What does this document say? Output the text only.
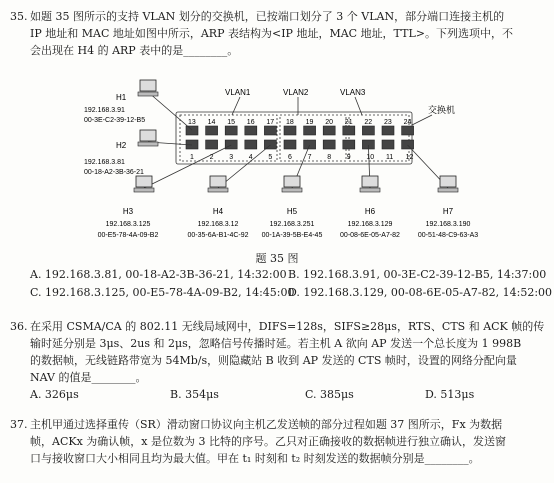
35. 如题 35 图所示的支持 VLAN 划分的交换机，已按端口划分了 3 个 VLAN，部分端口连接主机的

IP 地址和 MAC 地址如图中所示，ARP 表结构为<IP 地址，MAC 地址，TTL>。下列选项中，不

会出现在 H4 的 ARP 表中的是________。

13 14 15 16 17 18 19 20 21 22 23 24
1 2 3 4 5 6 7 8 9 10 11 12
H1
192.168.3.91
00-3E-C2-39-12-B5
H2
192.168.3.81
00-18-A2-3B-36-21
H3
192.168.3.125
00-E5-78-4A-09-B2
H4
192.168.3.12
00-35-6A-B1-4C-92
H5
192.168.3.251
00-1A-39-5B-E4-45
H6
192.168.3.129
00-08-6E-05-A7-82
H7
192.168.3.190
00-51-48-C9-63-A3
VLAN1	VLAN2	VLAN3
交换机
题 35 图
A. 192.168.3.81, 00-18-A2-3B-36-21, 14:32:00 B. 192.168.3.91, 00-3E-C2-39-12-B5, 14:37:00
C. 192.168.3.125, 00-E5-78-4A-09-B2, 14:45:00
D. 192.168.3.129, 00-08-6E-05-A7-82, 14:52:00

36. 在采用 CSMA/CA 的 802.11 无线局域网中，DIFS=128s，SIFS≥28μs，RTS、CTS 和 ACK 帧的传

输时延分别是 3μs、2us 和 2μs，忽略信号传播时延。若主机 A 欲向 AP 发送一个总长度为 1 998B

的数据帧，无线链路带宽为 54Mb/s，则隐藏站 B 收到 AP 发送的 CTS 帧时，设置的网络分配向量

NAV 的值是________。

A. 326μs	B. 354μs	C. 385μs	D. 513μs

37. 主机甲通过选择重传（SR）滑动窗口协议向主机乙发送帧的部分过程如题 37 图所示，Fx 为数据

帧，ACKx 为确认帧，x 是位数为 3 比特的序号。乙只对正确接收的数据帧进行独立确认，发送窗

口与接收窗口大小相同且均为最大值。甲在 t₁ 时刻和 t₂ 时刻发送的数据帧分别是________。
